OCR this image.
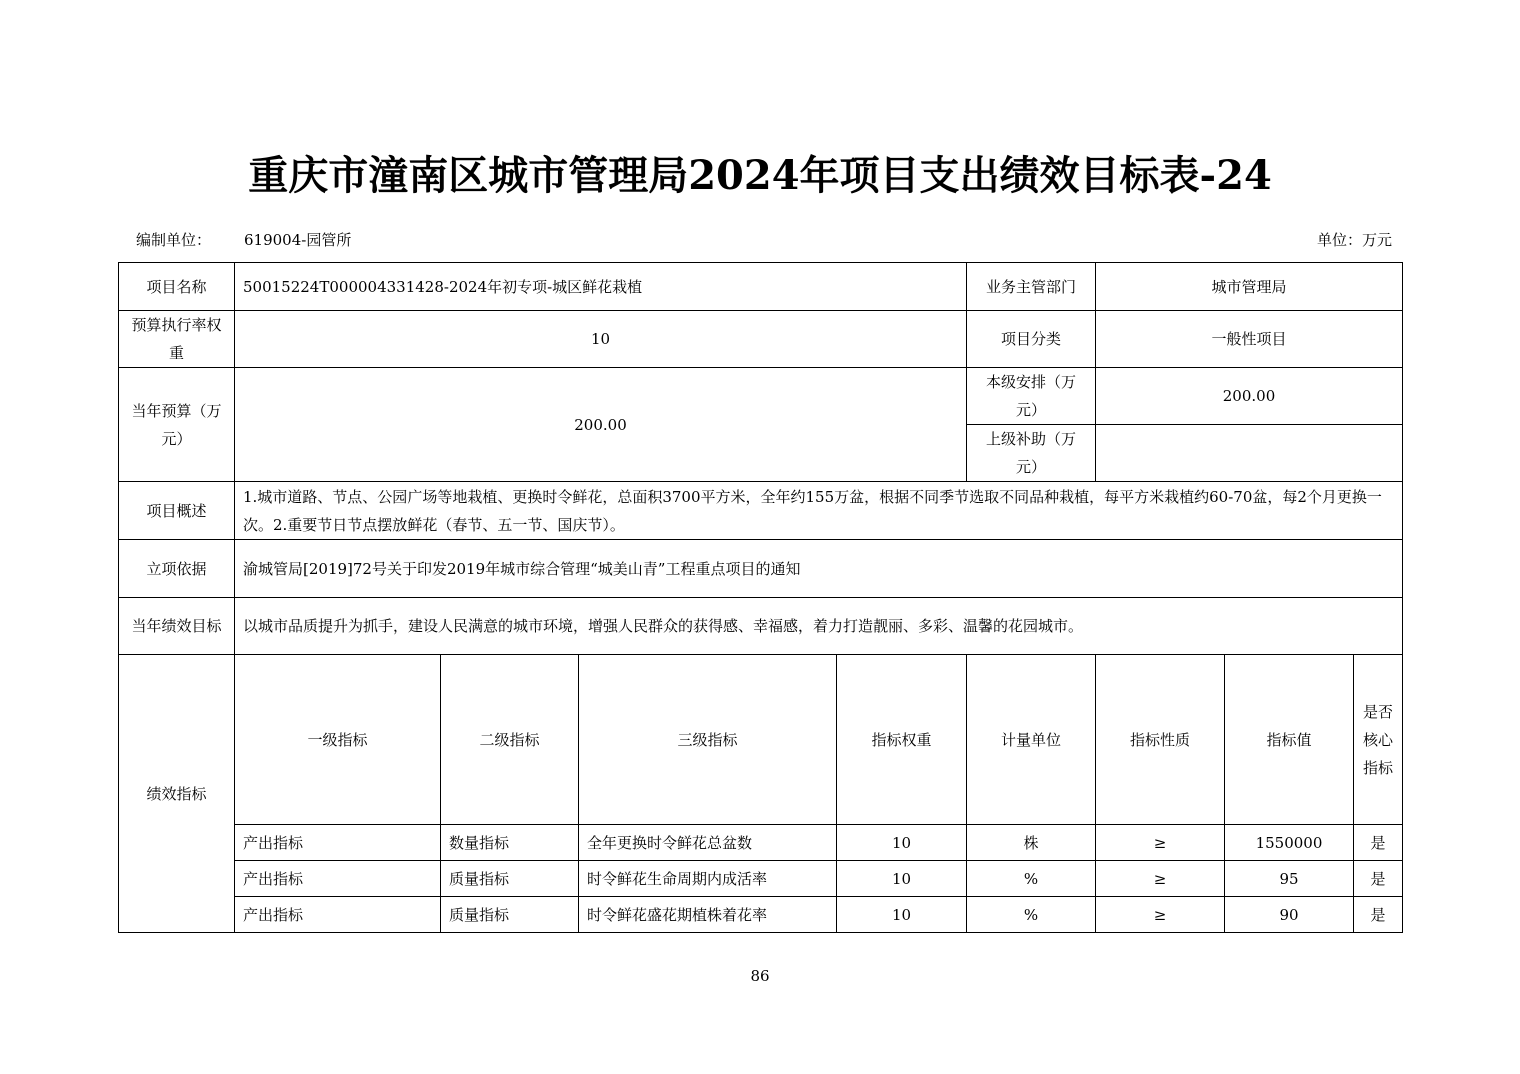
重庆市潼南区城市管理局2024年项目支出绩效目标表-24
编制单位： 619004-园管所	单位：万元
项目名称	50015224T000004331428-2024年初专项-城区鲜花栽植				业务主管部门	城市管理局		
预算执行率权重	10				项目分类	一般性项目		
当年预算（万元）	200.00				本级安排（万元）	200.00		
					上级补助（万元）			
项目概述	1.城市道路、节点、公园广场等地栽植、更换时令鲜花，总面积3700平方米，全年约155万盆，根据不同季节选取不同品种栽植，每平方米栽植约60-70盆，每2个月更换一次。2.重要节日节点摆放鲜花（春节、五一节、国庆节）。							
立项依据	渝城管局[2019]72号关于印发2019年城市综合管理“城美山青”工程重点项目的通知							
当年绩效目标	以城市品质提升为抓手，建设人民满意的城市环境，增强人民群众的获得感、幸福感，着力打造靓丽、多彩、温馨的花园城市。							
绩效指标	一级指标	二级指标	三级指标	指标权重	计量单位	指标性质	指标值	是否核心指标
	产出指标	数量指标	全年更换时令鲜花总盆数	10	株	≥	1550000	是
	产出指标	质量指标	时令鲜花生命周期内成活率	10	%	≥	95	是
	产出指标	质量指标	时令鲜花盛花期植株着花率	10	%	≥	90	是
86
